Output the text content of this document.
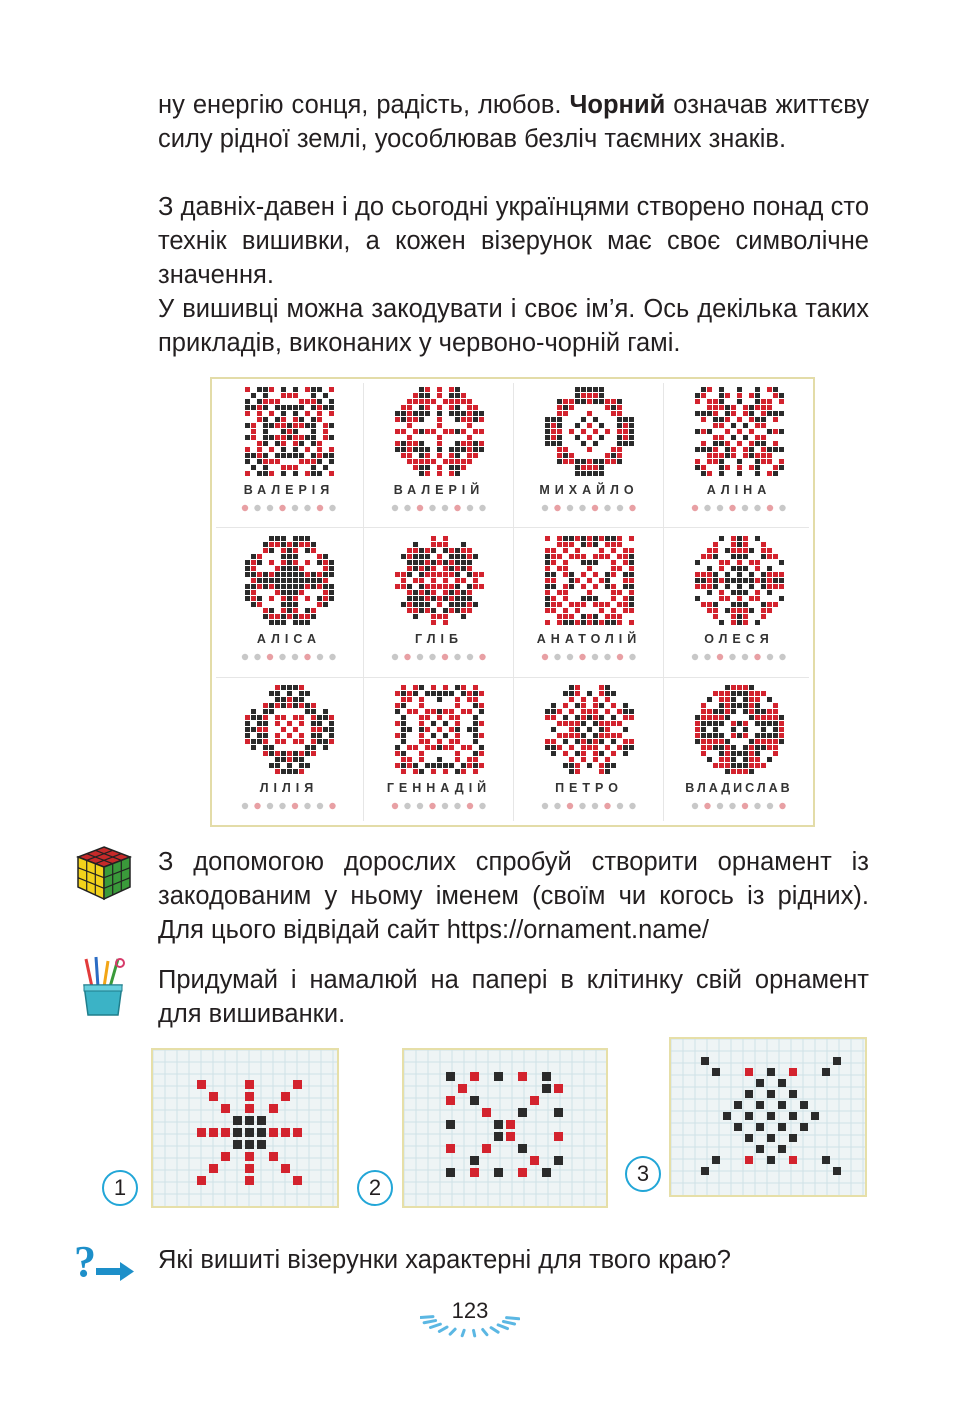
ну енергію сонця, радість, любов. Чорний означав життєву силу рідної землі, уособлював безліч таємних знаків.

З давніх-давен і до сьогодні українцями створено понад сто технік вишивки, а кожен візерунок має своє символічне значення.

У вишивці можна закодувати і своє ім’я. Ось декілька таких прикладів, виконаних у червоно-чорній гамі.

ВАЛЕРІЯ	ВАЛЕРІЙ	МИХАЙЛО	АЛІНА
АЛІСА	ГЛІБ	АНАТОЛІЙ	ОЛЕСЯ
ЛІЛІЯ	ГЕННАДІЙ	ПЕТРО	ВЛАДИСЛАВ

З допомогою дорослих спробуй створити орнамент із закодованим у ньому іменем (своїм чи когось із рідних). Для цього відвідай сайт https://ornament.name/

Придумай і намалюй на папері в клітинку свій орнамент для вишиванки.

1	2
3
? Які вишиті візерунки характерні для твого краю?

123
